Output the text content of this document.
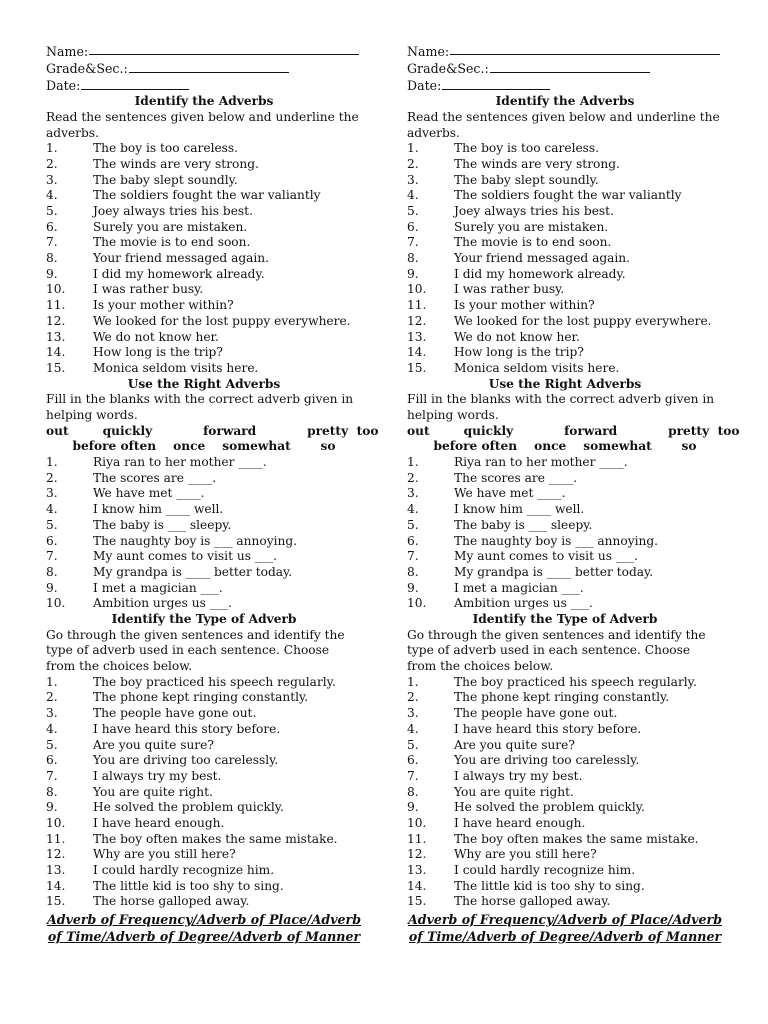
Name:
Grade&Sec.:
Date:
Identify the Adverbs
Read the sentences given below and underline the adverbs.
1.	The boy is too careless.
2.	The winds are very strong.
3.	The baby slept soundly.
4.	The soldiers fought the war valiantly
5.	Joey always tries his best.
6.	Surely you are mistaken.
7.	The movie is to end soon.
8.	Your friend messaged again.
9.	I did my homework already.
10.	I was rather busy.
11.	Is your mother within?
12.	We looked for the lost puppy everywhere.
13.	We do not know her.
14.	How long is the trip?
15.	Monica seldom visits here.
Use the Right Adverbs
Fill in the blanks with the correct adverb given in helping words.
out        quickly            forward            pretty  too
before often    once    somewhat       so
1.	Riya ran to her mother ____.
2.	The scores are ____.
3.	We have met ____.
4.	I know him ____ well.
5.	The baby is ___ sleepy.
6.	The naughty boy is ___ annoying.
7.	My aunt comes to visit us ___.
8.	My grandpa is ____ better today.
9.	I met a magician ___.
10.	Ambition urges us ___.
Identify the Type of Adverb
Go through the given sentences and identify the type of adverb used in each sentence. Choose from the choices below.
1.	The boy practiced his speech regularly.
2.	The phone kept ringing constantly.
3.	The people have gone out.
4.	I have heard this story before.
5.	Are you quite sure?
6.	You are driving too carelessly.
7.	I always try my best.
8.	You are quite right.
9.	He solved the problem quickly.
10.	I have heard enough.
11.	The boy often makes the same mistake.
12.	Why are you still here?
13.	I could hardly recognize him.
14.	The little kid is too shy to sing.
15.	The horse galloped away.
Adverb of Frequency/Adverb of Place/Adverb
of Time/Adverb of Degree/Adverb of Manner
Name:
Grade&Sec.:
Date:
Identify the Adverbs
Read the sentences given below and underline the adverbs.
1.	The boy is too careless.
2.	The winds are very strong.
3.	The baby slept soundly.
4.	The soldiers fought the war valiantly
5.	Joey always tries his best.
6.	Surely you are mistaken.
7.	The movie is to end soon.
8.	Your friend messaged again.
9.	I did my homework already.
10.	I was rather busy.
11.	Is your mother within?
12.	We looked for the lost puppy everywhere.
13.	We do not know her.
14.	How long is the trip?
15.	Monica seldom visits here.
Use the Right Adverbs
Fill in the blanks with the correct adverb given in helping words.
out        quickly            forward            pretty  too
before often    once    somewhat       so
1.	Riya ran to her mother ____.
2.	The scores are ____.
3.	We have met ____.
4.	I know him ____ well.
5.	The baby is ___ sleepy.
6.	The naughty boy is ___ annoying.
7.	My aunt comes to visit us ___.
8.	My grandpa is ____ better today.
9.	I met a magician ___.
10.	Ambition urges us ___.
Identify the Type of Adverb
Go through the given sentences and identify the type of adverb used in each sentence. Choose from the choices below.
1.	The boy practiced his speech regularly.
2.	The phone kept ringing constantly.
3.	The people have gone out.
4.	I have heard this story before.
5.	Are you quite sure?
6.	You are driving too carelessly.
7.	I always try my best.
8.	You are quite right.
9.	He solved the problem quickly.
10.	I have heard enough.
11.	The boy often makes the same mistake.
12.	Why are you still here?
13.	I could hardly recognize him.
14.	The little kid is too shy to sing.
15.	The horse galloped away.
Adverb of Frequency/Adverb of Place/Adverb
of Time/Adverb of Degree/Adverb of Manner
